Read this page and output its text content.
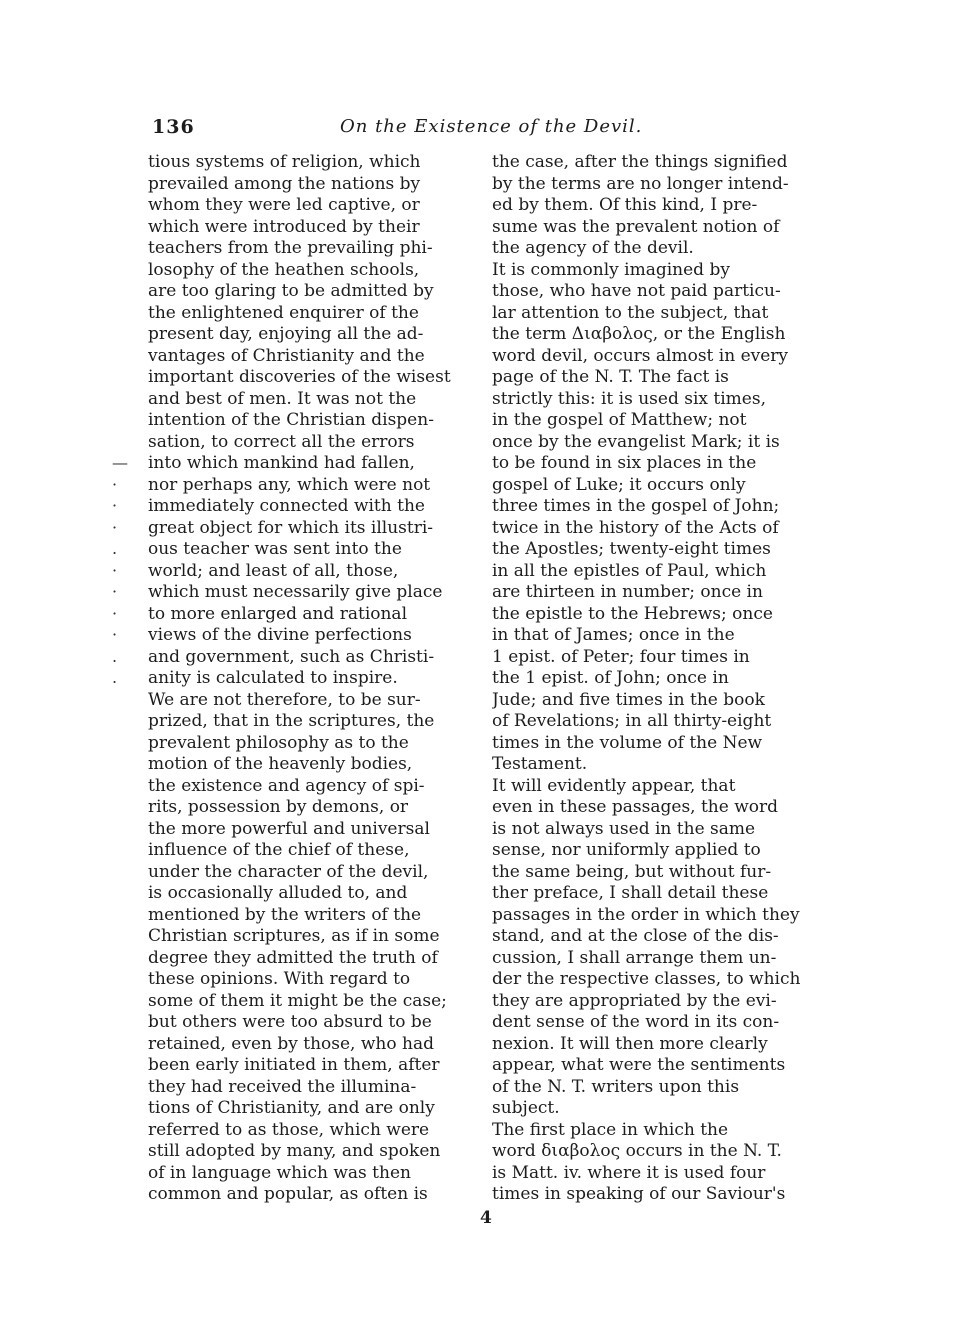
136	On the Existence of the Devil.
—
·
·
·
.
·
·
·
·
.
.
tious systems of religion, which
prevailed among the nations by
whom they were led captive, or
which were introduced by their
teachers from the prevailing phi-
losophy of the heathen schools,
are too glaring to be admitted by
the enlightened enquirer of the
present day, enjoying all the ad-
vantages of Christianity and the
important discoveries of the wisest
and best of men. It was not the
intention of the Christian dispen-
sation, to correct all the errors
into which mankind had fallen,
nor perhaps any, which were not
immediately connected with the
great object for which its illustri-
ous teacher was sent into the
world; and least of all, those,
which must necessarily give place
to more enlarged and rational
views of the divine perfections
and government, such as Christi-
anity is calculated to inspire.
We are not therefore, to be sur-
prized, that in the scriptures, the
prevalent philosophy as to the
motion of the heavenly bodies,
the existence and agency of spi-
rits, possession by demons, or
the more powerful and universal
influence of the chief of these,
under the character of the devil,
is occasionally alluded to, and
mentioned by the writers of the
Christian scriptures, as if in some
degree they admitted the truth of
these opinions. With regard to
some of them it might be the case;
but others were too absurd to be
retained, even by those, who had
been early initiated in them, after
they had received the illumina-
tions of Christianity, and are only
referred to as those, which were
still adopted by many, and spoken
of in language which was then
common and popular, as often is
the case, after the things signified
by the terms are no longer intend-
ed by them. Of this kind, I pre-
sume was the prevalent notion of
the agency of the devil.
It is commonly imagined by
those, who have not paid particu-
lar attention to the subject, that
the term Διαβολος, or the English
word devil, occurs almost in every
page of the N. T. The fact is
strictly this: it is used six times,
in the gospel of Matthew; not
once by the evangelist Mark; it is
to be found in six places in the
gospel of Luke; it occurs only
three times in the gospel of John;
twice in the history of the Acts of
the Apostles; twenty-eight times
in all the epistles of Paul, which
are thirteen in number; once in
the epistle to the Hebrews; once
in that of James; once in the
1 epist. of Peter; four times in
the 1 epist. of John; once in
Jude; and five times in the book
of Revelations; in all thirty-eight
times in the volume of the New
Testament.
It will evidently appear, that
even in these passages, the word
is not always used in the same
sense, nor uniformly applied to
the same being, but without fur-
ther preface, I shall detail these
passages in the order in which they
stand, and at the close of the dis-
cussion, I shall arrange them un-
der the respective classes, to which
they are appropriated by the evi-
dent sense of the word in its con-
nexion. It will then more clearly
appear, what were the sentiments
of the N. T. writers upon this
subject.
The first place in which the
word διαβολος occurs in the N. T.
is Matt. iv. where it is used four
times in speaking of our Saviour's
4
